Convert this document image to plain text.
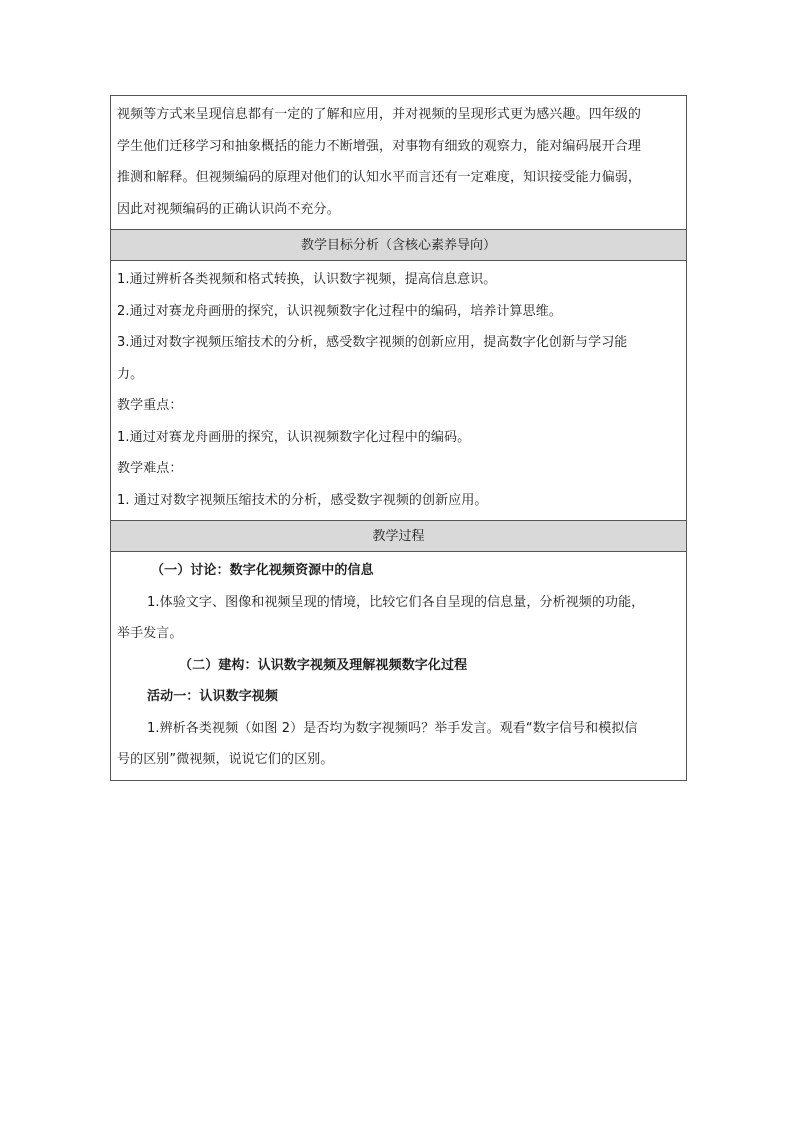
视频等方式来呈现信息都有一定的了解和应用，并对视频的呈现形式更为感兴趣。四年级的
学生他们迁移学习和抽象概括的能力不断增强，对事物有细致的观察力，能对编码展开合理
推测和解释。但视频编码的原理对他们的认知水平而言还有一定难度，知识接受能力偏弱，
因此对视频编码的正确认识尚不充分。
教学目标分析（含核心素养导向）
1.通过辨析各类视频和格式转换，认识数字视频，提高信息意识。
2.通过对赛龙舟画册的探究，认识视频数字化过程中的编码，培养计算思维。
3.通过对数字视频压缩技术的分析，感受数字视频的创新应用，提高数字化创新与学习能
力。
教学重点：
1.通过对赛龙舟画册的探究，认识视频数字化过程中的编码。
教学难点：
1. 通过对数字视频压缩技术的分析，感受数字视频的创新应用。
教学过程
（一）讨论：数字化视频资源中的信息
1.体验文字、图像和视频呈现的情境，比较它们各自呈现的信息量，分析视频的功能，
举手发言。
（二）建构：认识数字视频及理解视频数字化过程
活动一：认识数字视频
1.辨析各类视频（如图 2）是否均为数字视频吗？举手发言。观看“数字信号和模拟信
号的区别”微视频，说说它们的区别。
